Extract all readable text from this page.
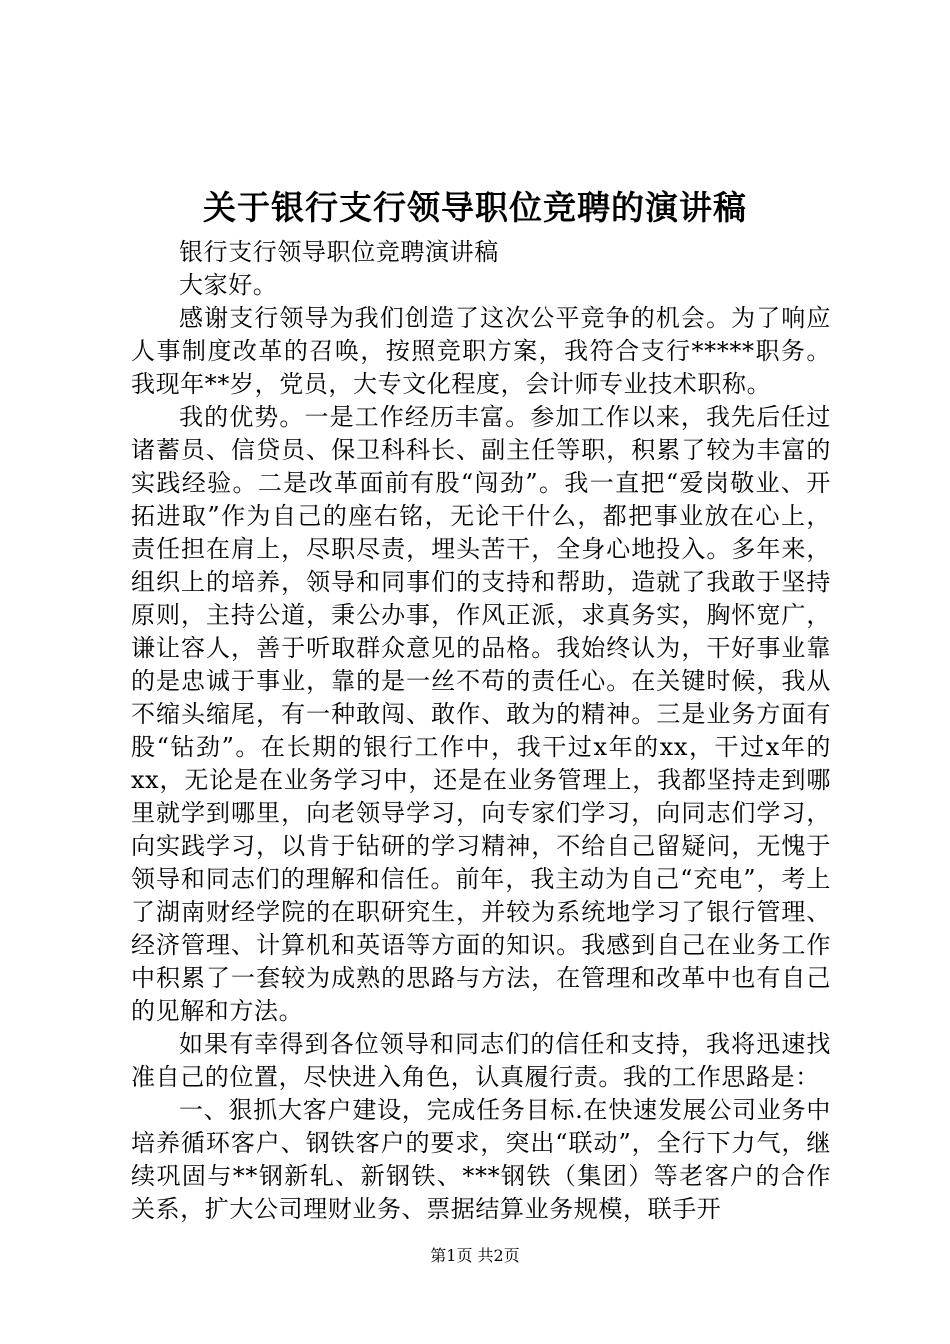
关于银行支行领导职位竞聘的演讲稿

银行支行领导职位竞聘演讲稿

大家好。

感谢支行领导为我们创造了这次公平竞争的机会。为了响应人事制度改革的召唤，按照竞职方案，我符合支行*****职务。我现年**岁，党员，大专文化程度，会计师专业技术职称。

我的优势。一是工作经历丰富。参加工作以来，我先后任过诸蓄员、信贷员、保卫科科长、副主任等职，积累了较为丰富的实践经验。二是改革面前有股“闯劲”。我一直把“爱岗敬业、开拓进取”作为自己的座右铭，无论干什么，都把事业放在心上，责任担在肩上，尽职尽责，埋头苦干，全身心地投入。多年来，组织上的培养，领导和同事们的支持和帮助，造就了我敢于坚持原则，主持公道，秉公办事，作风正派，求真务实，胸怀宽广，谦让容人，善于听取群众意见的品格。我始终认为，干好事业靠的是忠诚于事业，靠的是一丝不苟的责任心。在关键时候，我从不缩头缩尾，有一种敢闯、敢作、敢为的精神。三是业务方面有股“钻劲”。在长期的银行工作中，我干过x年的xx，干过x年的xx，无论是在业务学习中，还是在业务管理上，我都坚持走到哪里就学到哪里，向老领导学习，向专家们学习，向同志们学习，向实践学习，以肯于钻研的学习精神，不给自己留疑问，无愧于领导和同志们的理解和信任。前年，我主动为自己“充电”，考上了湖南财经学院的在职研究生，并较为系统地学习了银行管理、经济管理、计算机和英语等方面的知识。我感到自己在业务工作中积累了一套较为成熟的思路与方法，在管理和改革中也有自己的见解和方法。

如果有幸得到各位领导和同志们的信任和支持，我将迅速找准自己的位置，尽快进入角色，认真履行责。我的工作思路是：

一、狠抓大客户建设，完成任务目标.在快速发展公司业务中培养循环客户、钢铁客户的要求，突出“联动”，全行下力气，继续巩固与**钢新轧、新钢铁、***钢铁（集团）等老客户的合作关系，扩大公司理财业务、票据结算业务规模，联手开

第1页 共2页
